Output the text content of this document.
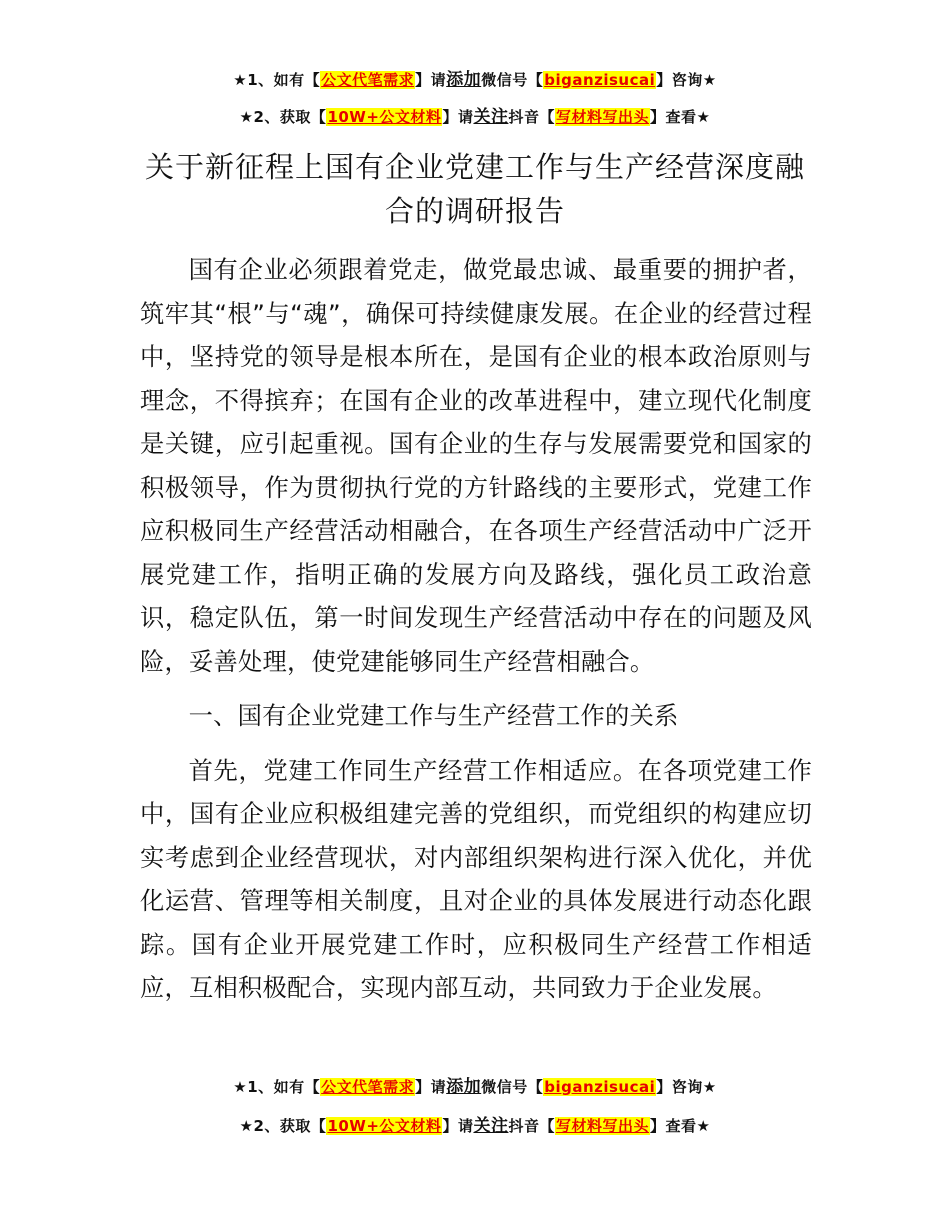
★1、如有【公文代笔需求】请添加微信号【biganzisucai】咨询★
★2、获取【10W+公文材料】请关注抖音【写材料写出头】查看★
关于新征程上国有企业党建工作与生产经营深度融合的调研报告

国有企业必须跟着党走，做党最忠诚、最重要的拥护者，筑牢其“根”与“魂”，确保可持续健康发展。在企业的经营过程中，坚持党的领导是根本所在，是国有企业的根本政治原则与理念，不得摈弃；在国有企业的改革进程中，建立现代化制度是关键，应引起重视。国有企业的生存与发展需要党和国家的积极领导，作为贯彻执行党的方针路线的主要形式，党建工作应积极同生产经营活动相融合，在各项生产经营活动中广泛开展党建工作，指明正确的发展方向及路线，强化员工政治意识，稳定队伍，第一时间发现生产经营活动中存在的问题及风险，妥善处理，使党建能够同生产经营相融合。

一、国有企业党建工作与生产经营工作的关系

首先，党建工作同生产经营工作相适应。在各项党建工作中，国有企业应积极组建完善的党组织，而党组织的构建应切实考虑到企业经营现状，对内部组织架构进行深入优化，并优化运营、管理等相关制度，且对企业的具体发展进行动态化跟踪。国有企业开展党建工作时，应积极同生产经营工作相适应，互相积极配合，实现内部互动，共同致力于企业发展。

★1、如有【公文代笔需求】请添加微信号【biganzisucai】咨询★
★2、获取【10W+公文材料】请关注抖音【写材料写出头】查看★
